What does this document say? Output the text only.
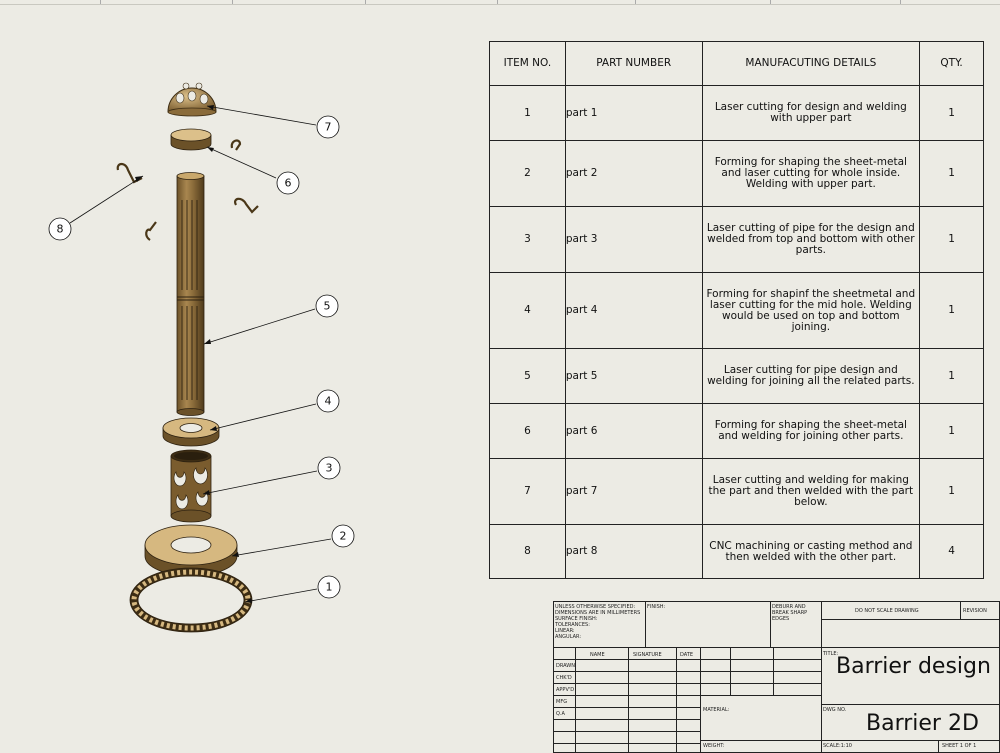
7
6
8
5
4
3
2
1
ITEM NO.	PART NUMBER	MANUFACUTING DETAILS	QTY.
1	part 1	Laser cutting for design and welding with upper part	1
2	part 2	Forming for shaping the sheet-metal and laser cutting for whole inside. Welding with upper part.	1
3	part 3	Laser cutting of pipe for the design and welded from top and bottom with other parts.	1
4	part 4	Forming for shapinf the sheetmetal and laser cutting for the mid hole. Welding would be used on top and bottom joining.	1
5	part 5	Laser cutting for pipe design and welding for joining all the related parts.	1
6	part 6	Forming for shaping the sheet-metal and welding for joining other parts.	1
7	part 7	Laser cutting and welding for making the part and then welded with the part below.	1
8	part 8	CNC machining or casting method and then welded with the other part.	4
UNLESS OTHERWISE SPECIFIED:
DIMENSIONS ARE IN MILLIMETERS
SURFACE FINISH:
TOLERANCES:
LINEAR:
ANGULAR:
FINISH:	DEBURR AND
BREAK SHARP
EDGES
DO NOT SCALE DRAWING	REVISION
NAME	SIGNATURE	DATE
DRAWN
CHK'D
APPV'D
MFG
Q.A
TITLE:
Barrier design
MATERIAL:	DWG NO.
Barrier 2D
WEIGHT:	SCALE:1:10	SHEET 1 OF 1
